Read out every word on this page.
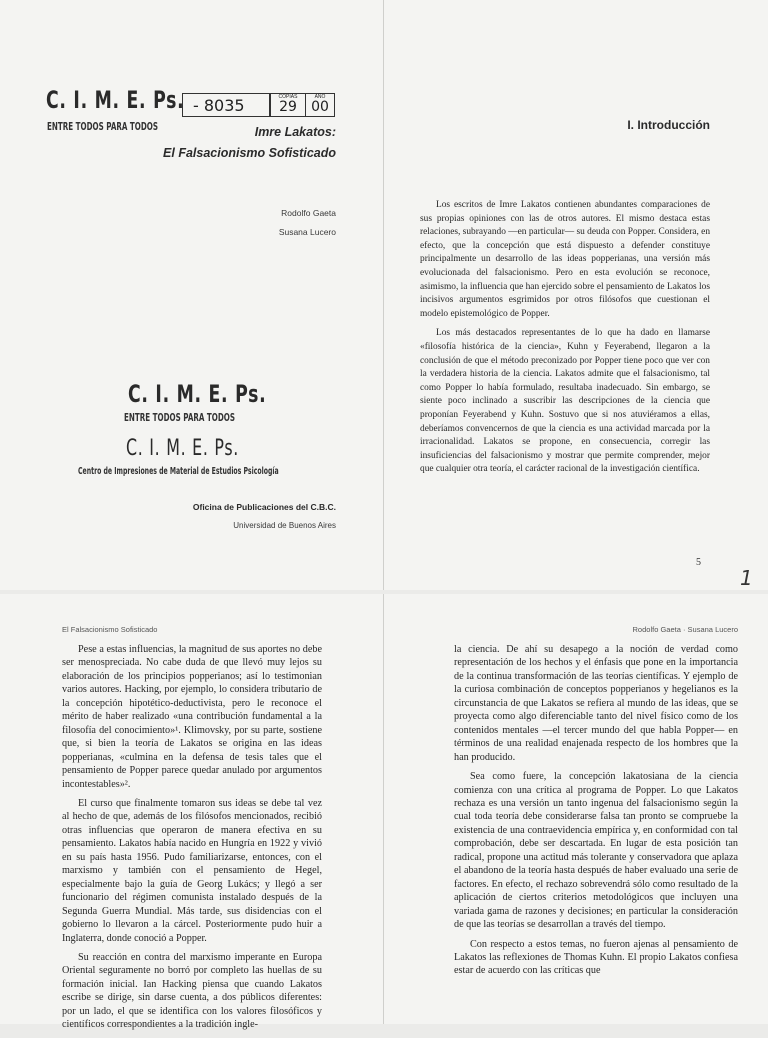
C. I. M. E. Ps.
ENTRE TODOS PARA TODOS
- 8035	COPIAS
29
AÑO
00
Imre Lakatos:
El Falsacionismo Sofisticado
Rodolfo Gaeta
Susana Lucero
C. I. M. E. Ps.
ENTRE TODOS PARA TODOS
C. I. M. E. Ps.
Centro de Impresiones de Material de Estudios Psicología
Oficina de Publicaciones del C.B.C.
Universidad de Buenos Aires
I. Introducción

Los escritos de Imre Lakatos contienen abundantes comparaciones de sus propias opiniones con las de otros autores. El mismo destaca estas relaciones, subrayando —en particular— su deuda con Popper. Considera, en efecto, que la concepción que está dispuesto a defender constituye principalmente un desarrollo de las ideas popperianas, una versión más evolucionada del falsacionismo. Pero en esta evolución se reconoce, asimismo, la influencia que han ejercido sobre el pensamiento de Lakatos los incisivos argumentos esgrimidos por otros filósofos que cuestionan el modelo epistemológico de Popper.

Los más destacados representantes de lo que ha dado en llamarse «filosofía histórica de la ciencia», Kuhn y Feyerabend, llegaron a la conclusión de que el método preconizado por Popper tiene poco que ver con la verdadera historia de la ciencia. Lakatos admite que el falsacionismo, tal como Popper lo había formulado, resultaba inadecuado. Sin embargo, se siente poco inclinado a suscribir las descripciones de la ciencia que proponían Feyerabend y Kuhn. Sostuvo que si nos atuviéramos a ellas, deberíamos convencernos de que la ciencia es una actividad marcada por la irracionalidad. Lakatos se propone, en consecuencia, corregir las insuficiencias del falsacionismo y mostrar que permite comprender, mejor que cualquier otra teoría, el carácter racional de la investigación científica.

5
1
El Falsacionismo Sofisticado

Pese a estas influencias, la magnitud de sus aportes no debe ser menospreciada. No cabe duda de que llevó muy lejos su elaboración de los principios popperianos; así lo testimonian varios autores. Hacking, por ejemplo, lo considera tributario de la concepción hipotético-deductivista, pero le reconoce el mérito de haber realizado «una contribución fundamental a la filosofía del conocimiento»¹. Klimovsky, por su parte, sostiene que, si bien la teoría de Lakatos se origina en las ideas popperianas, «culmina en la defensa de tesis tales que el pensamiento de Popper parece quedar anulado por argumentos incontestables»².

El curso que finalmente tomaron sus ideas se debe tal vez al hecho de que, además de los filósofos mencionados, recibió otras influencias que operaron de manera efectiva en su pensamiento. Lakatos había nacido en Hungría en 1922 y vivió en su país hasta 1956. Pudo familiarizarse, entonces, con el marxismo y también con el pensamiento de Hegel, especialmente bajo la guía de Georg Lukács; y llegó a ser funcionario del régimen comunista instalado después de la Segunda Guerra Mundial. Más tarde, sus disidencias con el gobierno lo llevaron a la cárcel. Posteriormente pudo huir a Inglaterra, donde conoció a Popper.

Su reacción en contra del marxismo imperante en Europa Oriental seguramente no borró por completo las huellas de su formación inicial. Ian Hacking piensa que cuando Lakatos escribe se dirige, sin darse cuenta, a dos públicos diferentes: por un lado, el que se identifica con los valores filosóficos y científicos correspondientes a la tradición ingle-

Rodolfo Gaeta · Susana Lucero

la ciencia. De ahí su desapego a la noción de verdad como representación de los hechos y el énfasis que pone en la importancia de la continua transformación de las teorías científicas. Y ejemplo de la curiosa combinación de conceptos popperianos y hegelianos es la circunstancia de que Lakatos se refiera al mundo de las ideas, que se proyecta como algo diferenciable tanto del nivel físico como de los contenidos mentales —el tercer mundo del que habla Popper— en términos de una realidad enajenada respecto de los hombres que la han producido.

Sea como fuere, la concepción lakatosiana de la ciencia comienza con una crítica al programa de Popper. Lo que Lakatos rechaza es una versión un tanto ingenua del falsacionismo según la cual toda teoría debe considerarse falsa tan pronto se compruebe la existencia de una contraevidencia empírica y, en conformidad con tal comprobación, debe ser descartada. En lugar de esta posición tan radical, propone una actitud más tolerante y conservadora que aplaza el abandono de la teoría hasta después de haber evaluado una serie de factores. En efecto, el rechazo sobrevendrá sólo como resultado de la aplicación de ciertos criterios metodológicos que incluyen una variada gama de razones y decisiones; en particular la consideración de que las teorías se desarrollan a través del tiempo.

Con respecto a estos temas, no fueron ajenas al pensamiento de Lakatos las reflexiones de Thomas Kuhn. El propio Lakatos confiesa estar de acuerdo con las críticas que
